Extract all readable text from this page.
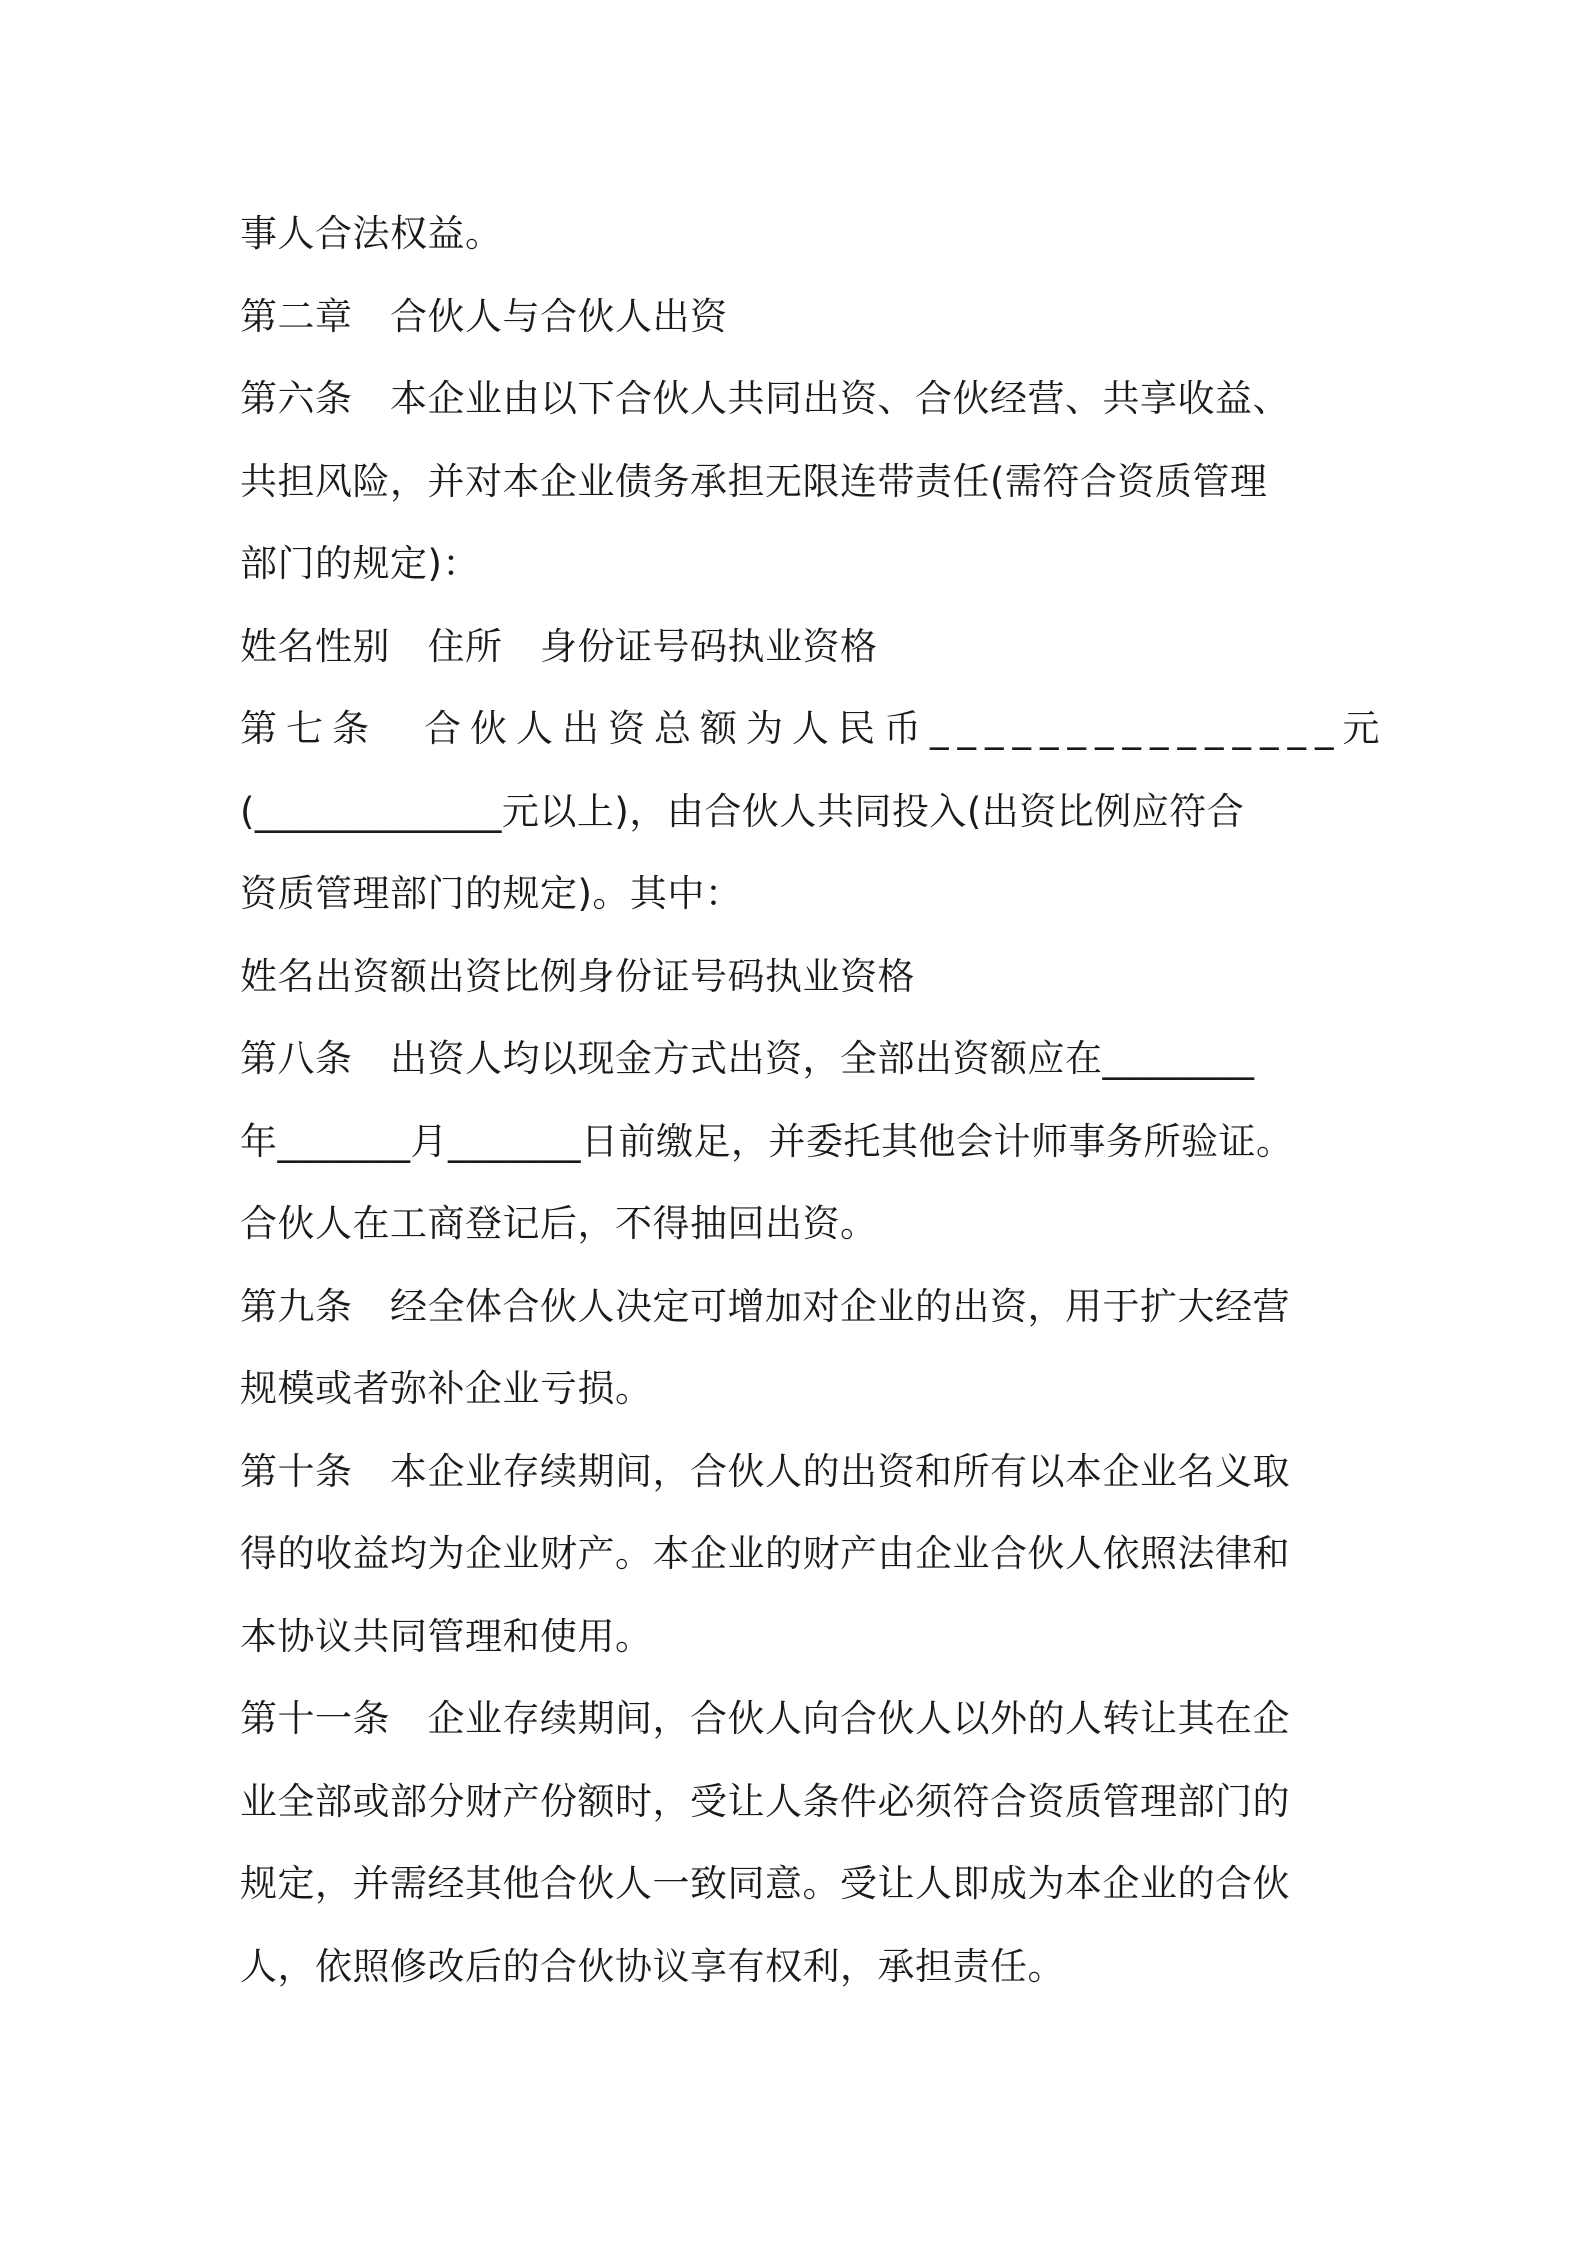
事人合法权益。
第二章　合伙人与合伙人出资
第六条　本企业由以下合伙人共同出资、合伙经营、共享收益、
共担风险，并对本企业债务承担无限连带责任(需符合资质管理
部门的规定)：
姓名性别　住所　身份证号码执业资格
第七条　合伙人出资总额为人民币_______________元
(_____________元以上)，由合伙人共同投入(出资比例应符合
资质管理部门的规定)。其中：
姓名出资额出资比例身份证号码执业资格
第八条　出资人均以现金方式出资，全部出资额应在________
年_______月_______日前缴足，并委托其他会计师事务所验证。
合伙人在工商登记后，不得抽回出资。
第九条　经全体合伙人决定可增加对企业的出资，用于扩大经营
规模或者弥补企业亏损。
第十条　本企业存续期间，合伙人的出资和所有以本企业名义取
得的收益均为企业财产。本企业的财产由企业合伙人依照法律和
本协议共同管理和使用。
第十一条　企业存续期间，合伙人向合伙人以外的人转让其在企
业全部或部分财产份额时，受让人条件必须符合资质管理部门的
规定，并需经其他合伙人一致同意。受让人即成为本企业的合伙
人，依照修改后的合伙协议享有权利，承担责任。
